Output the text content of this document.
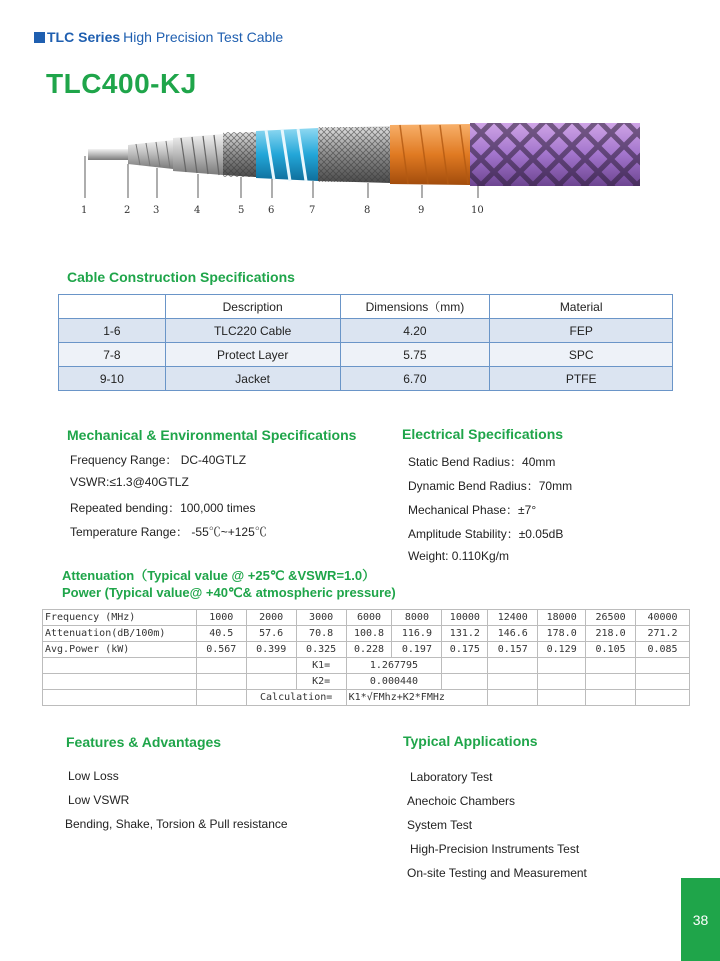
TLC Series High Precision Test Cable
TLC400-KJ
1	2 3	4	5 6	7	8	9	10
Cable Construction Specifications
	Description	Dimensions（mm)	Material
1-6	TLC220 Cable	4.20	FEP
7-8	Protect Layer	5.75	SPC
9-10	Jacket	6.70	PTFE
Mechanical & Environmental Specifications
Frequency Range： DC-40GTLZ
VSWR:≤1.3@40GTLZ
Repeated bending：100,000 times
Temperature Range： -55℃~+125℃
Electrical Specifications
Static Bend Radius：40mm
Dynamic Bend Radius：70mm
Mechanical Phase：±7°
Amplitude Stability：±0.05dB
Weight: 0.110Kg/m
Attenuation（Typical value @ +25℃ &VSWR=1.0）
Power (Typical value@ +40℃& atmospheric pressure)
Frequency (MHz)	1000	2000	3000	6000	8000	10000	12400	18000	26500	40000
Attenuation(dB/100m)	40.5	57.6	70.8	100.8	116.9	131.2	146.6	178.0	218.0	271.2
Avg.Power (kW)	0.567	0.399	0.325	0.228	0.197	0.175	0.157	0.129	0.105	0.085
			K1=	1.267795						
			K2=	0.000440						
		Calculation=		K1*√FMhz+K2*FMHz						
Features & Advantages
Low Loss
Low VSWR
Bending, Shake, Torsion & Pull resistance
Typical Applications
Laboratory Test
Anechoic Chambers
System Test
High-Precision Instruments Test
On-site Testing and Measurement
38
